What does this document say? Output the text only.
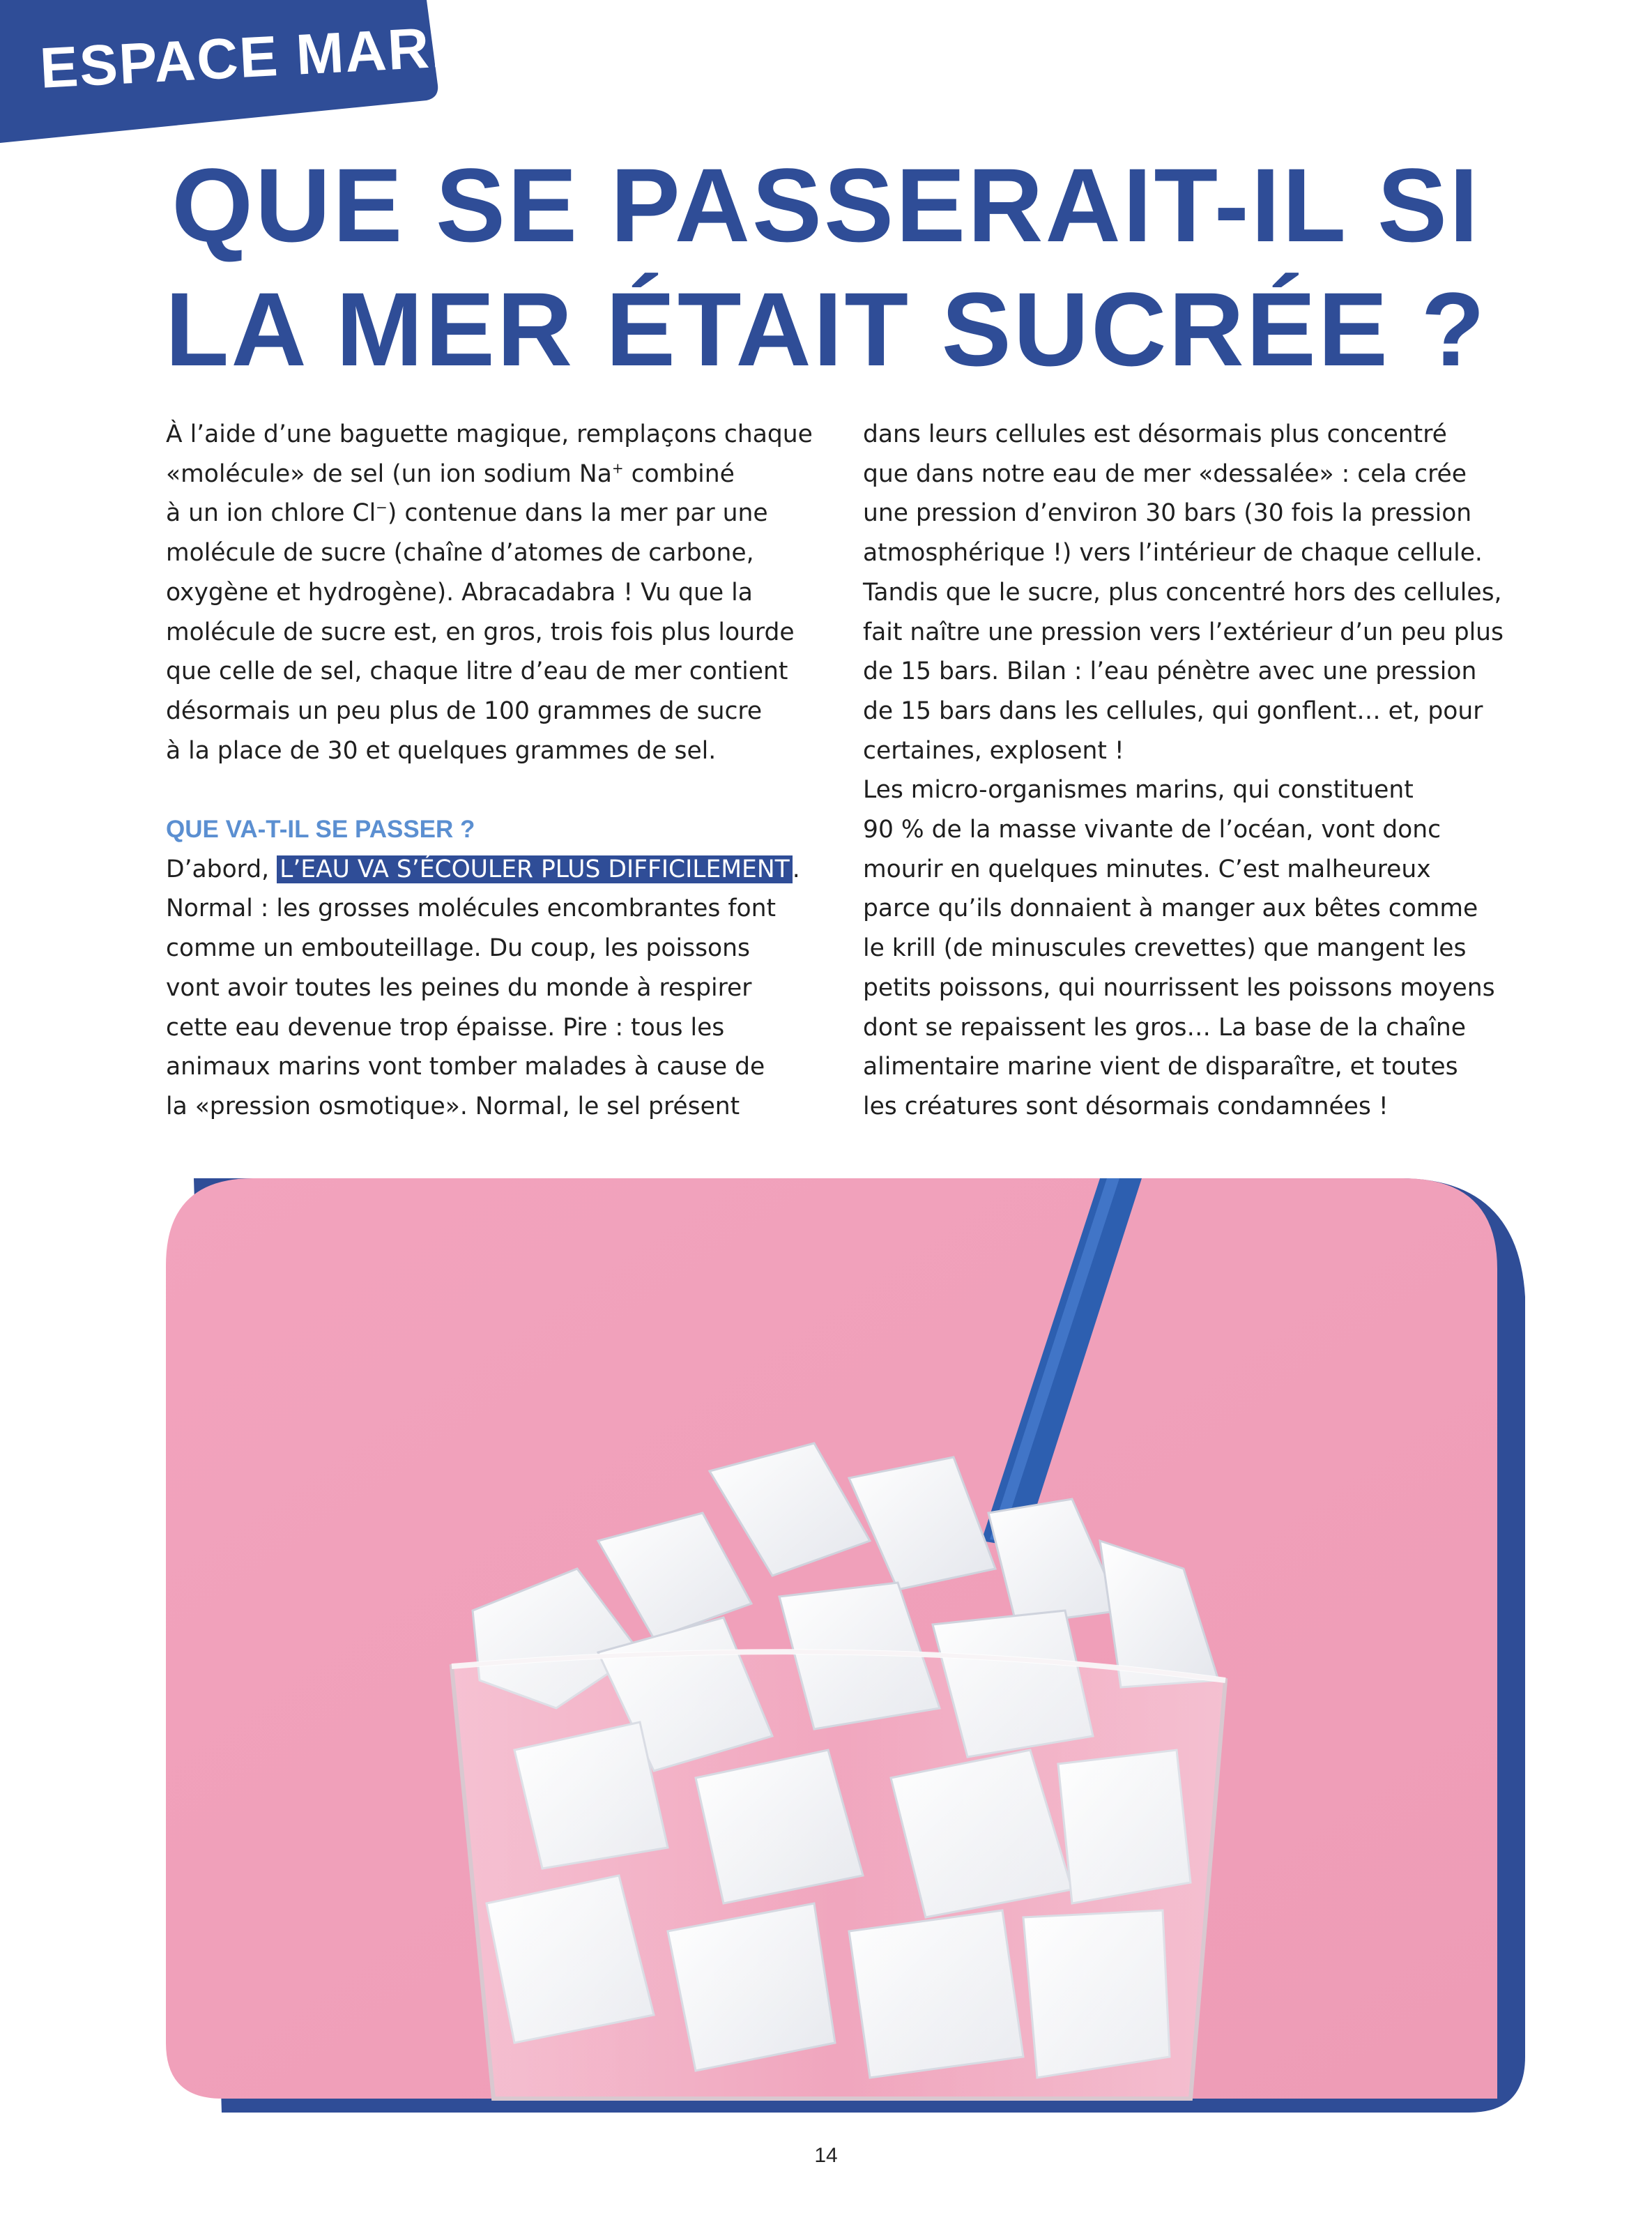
ESPACE MARIN
QUE SE PASSERAIT-IL SI
LA MER ÉTAIT SUCRÉE ?

À l’aide d’une baguette magique, remplaçons chaque

«molécule» de sel (un ion sodium Na+ combiné

à un ion chlore Cl−) contenue dans la mer par une

molécule de sucre (chaîne d’atomes de carbone,

oxygène et hydrogène). Abracadabra ! Vu que la

molécule de sucre est, en gros, trois fois plus lourde

que celle de sel, chaque litre d’eau de mer contient

désormais un peu plus de 100 grammes de sucre

à la place de 30 et quelques grammes de sel.

QUE VA-T-IL SE PASSER ?

D’abord, L’EAU VA S’ÉCOULER PLUS DIFFICILEMENT .

Normal : les grosses molécules encombrantes font

comme un embouteillage. Du coup, les poissons

vont avoir toutes les peines du monde à respirer

cette eau devenue trop épaisse. Pire : tous les

animaux marins vont tomber malades à cause de

la «pression osmotique». Normal, le sel présent

dans leurs cellules est désormais plus concentré

que dans notre eau de mer «dessalée» : cela crée

une pression d’environ 30 bars (30 fois la pression

atmosphérique !) vers l’intérieur de chaque cellule.

Tandis que le sucre, plus concentré hors des cellules,

fait naître une pression vers l’extérieur d’un peu plus

de 15 bars. Bilan : l’eau pénètre avec une pression

de 15 bars dans les cellules, qui gonflent… et, pour

certaines, explosent !

Les micro-organismes marins, qui constituent

90 % de la masse vivante de l’océan, vont donc

mourir en quelques minutes. C’est malheureux

parce qu’ils donnaient à manger aux bêtes comme

le krill (de minuscules crevettes) que mangent les

petits poissons, qui nourrissent les poissons moyens

dont se repaissent les gros… La base de la chaîne

alimentaire marine vient de disparaître, et toutes

les créatures sont désormais condamnées !

14
